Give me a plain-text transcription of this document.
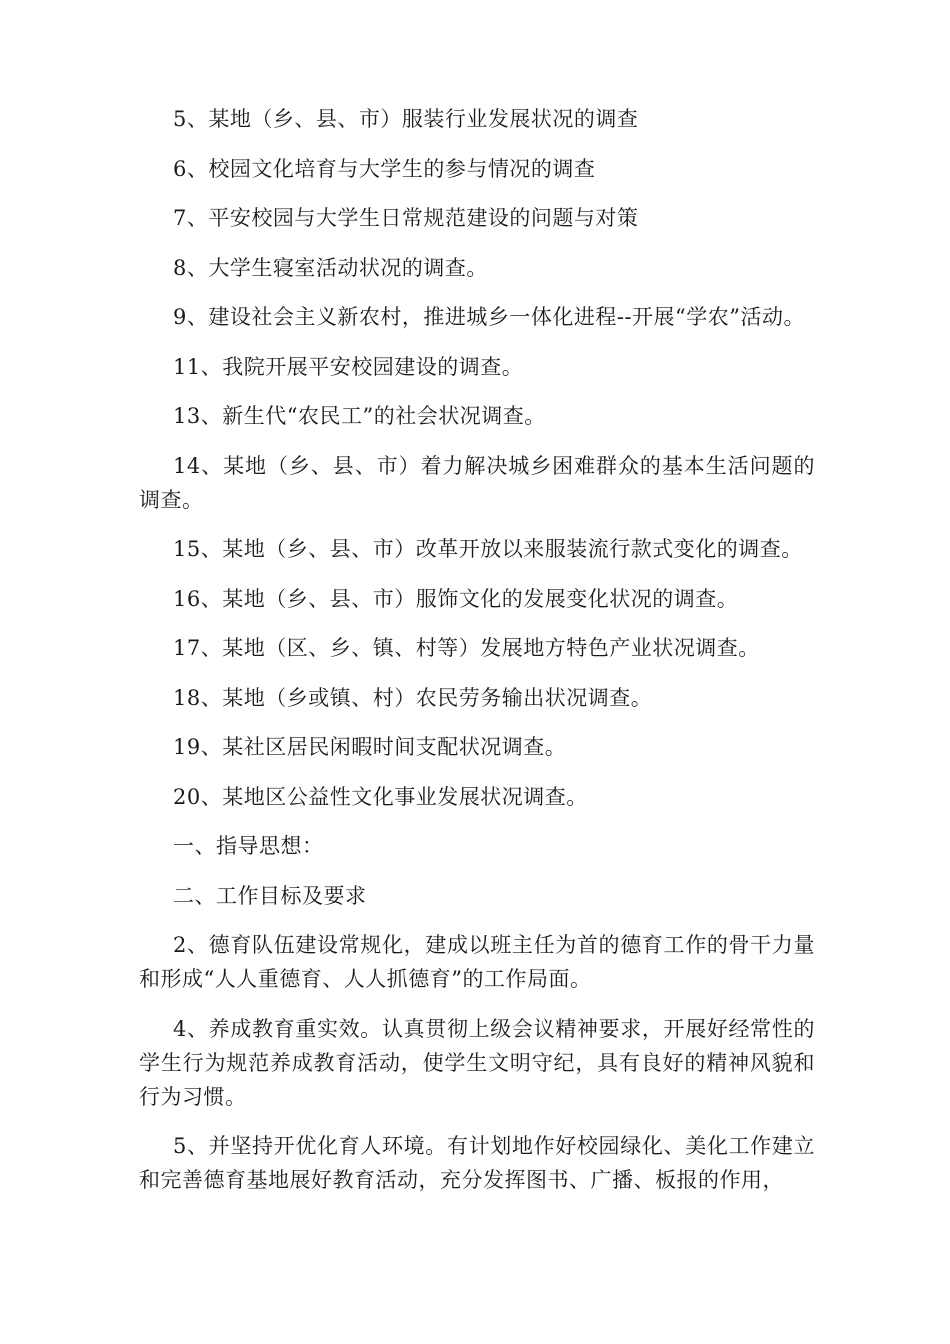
5、某地（乡、县、市）服装行业发展状况的调查

6、校园文化培育与大学生的参与情况的调查

7、平安校园与大学生日常规范建设的问题与对策

8、大学生寝室活动状况的调查。

9、建设社会主义新农村，推进城乡一体化进程--开展“学农”活动。

11、我院开展平安校园建设的调查。

13、新生代“农民工”的社会状况调查。

14、某地（乡、县、市）着力解决城乡困难群众的基本生活问题的调查。

15、某地（乡、县、市）改革开放以来服装流行款式变化的调查。

16、某地（乡、县、市）服饰文化的发展变化状况的调查。

17、某地（区、乡、镇、村等）发展地方特色产业状况调查。

18、某地（乡或镇、村）农民劳务输出状况调查。

19、某社区居民闲暇时间支配状况调查。

20、某地区公益性文化事业发展状况调查。

一、指导思想：

二、工作目标及要求

2、德育队伍建设常规化，建成以班主任为首的德育工作的骨干力量和形成“人人重德育、人人抓德育”的工作局面。

4、养成教育重实效。认真贯彻上级会议精神要求，开展好经常性的学生行为规范养成教育活动，使学生文明守纪，具有良好的精神风貌和行为习惯。

5、并坚持开优化育人环境。有计划地作好校园绿化、美化工作建立和完善德育基地展好教育活动，充分发挥图书、广播、板报的作用，
